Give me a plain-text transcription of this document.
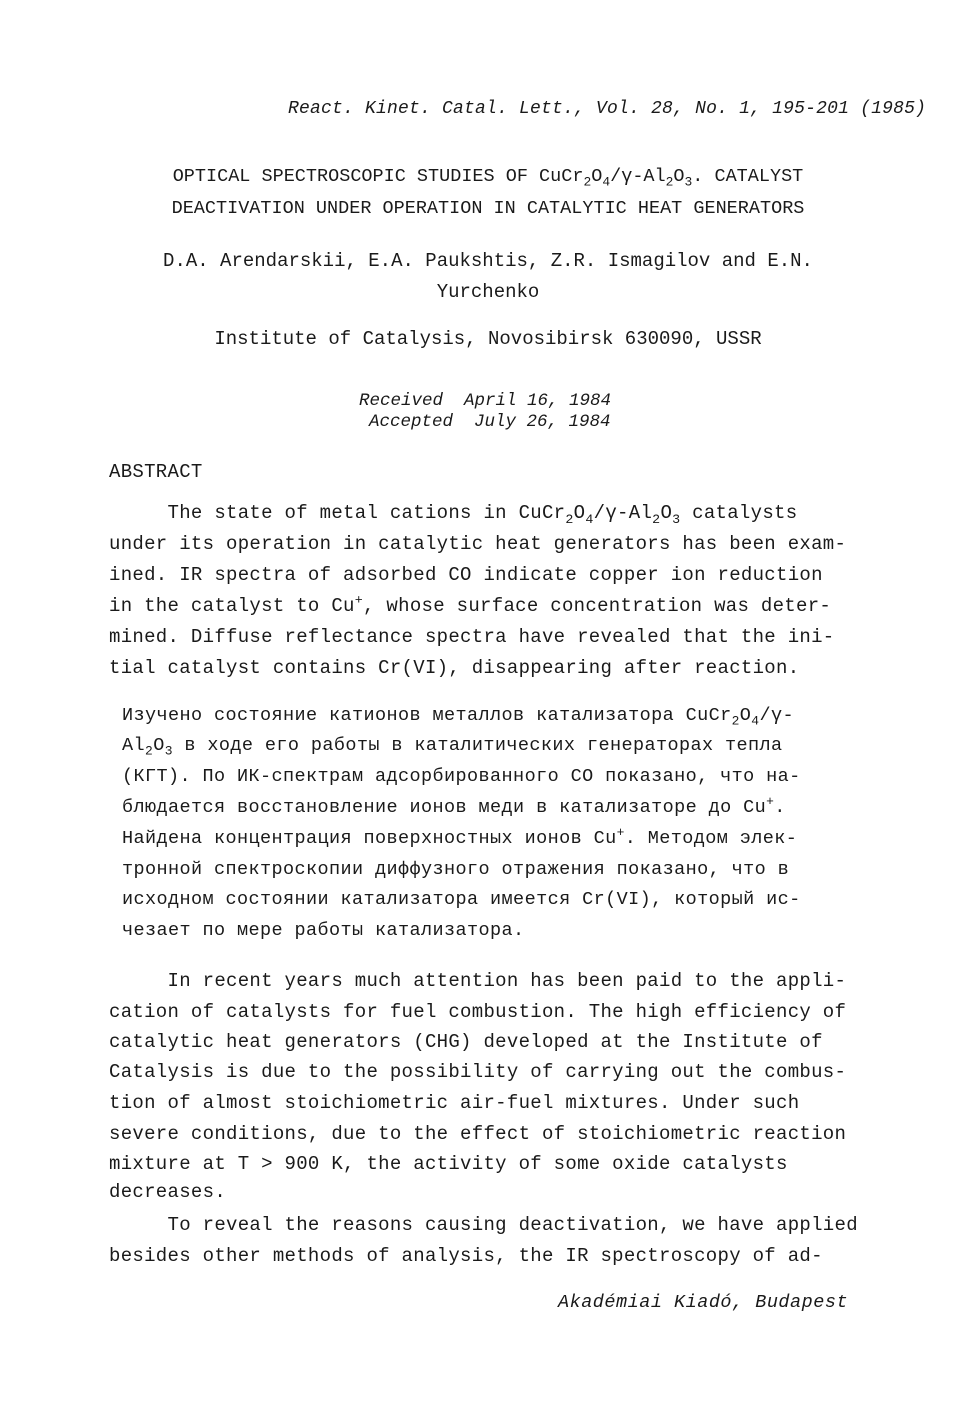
React. Kinet. Catal. Lett., Vol. 28, No. 1, 195-201 (1985)
OPTICAL SPECTROSCOPIC STUDIES OF $CuCr_2O_4/\gamma-Al_2O_3$. CATALYST
DEACTIVATION UNDER OPERATION IN CATALYTIC HEAT GENERATORS
D.A. Arendarskii, E.A. Paukshtis, Z.R. Ismagilov and E.N.
Yurchenko
Institute of Catalysis, Novosibirsk 630090, USSR
Received  April 16, 1984
Accepted  July 26, 1984
ABSTRACT
The state of metal cations in $CuCr_2O_4/\gamma-Al_2O_3$ catalysts
under its operation in catalytic heat generators has been exam-
ined. IR spectra of adsorbed CO indicate copper ion reduction
in the catalyst to Cu+, whose surface concentration was deter-
mined. Diffuse reflectance spectra have revealed that the ini-
tial catalyst contains Cr(VI), disappearing after reaction.
Изучено состояние катионов металлов катализатора $CuCr_2O_4/\gamma-$
$Al_2O_3$ в ходе его работы в каталитических генераторах тепла
(КГТ). По ИК-спектрам адсорбированного СО показано, что на-
блюдается восстановление ионов меди в катализаторе до Cu+.
Найдена концентрация поверхностных ионов Cu+. Методом элек-
тронной спектроскопии диффузного отражения показано, что в
исходном состоянии катализатора имеется Cr(VI), который ис-
чезает по мере работы катализатора.
In recent years much attention has been paid to the appli-
cation of catalysts for fuel combustion. The high efficiency of
catalytic heat generators (CHG) developed at the Institute of
Catalysis is due to the possibility of carrying out the combus-
tion of almost stoichiometric air-fuel mixtures. Under such
severe conditions, due to the effect of stoichiometric reaction
mixture at T > 900 K, the activity of some oxide catalysts
decreases.
To reveal the reasons causing deactivation, we have applied
besides other methods of analysis, the IR spectroscopy of ad-
Akadémiai Kiadó, Budapest
